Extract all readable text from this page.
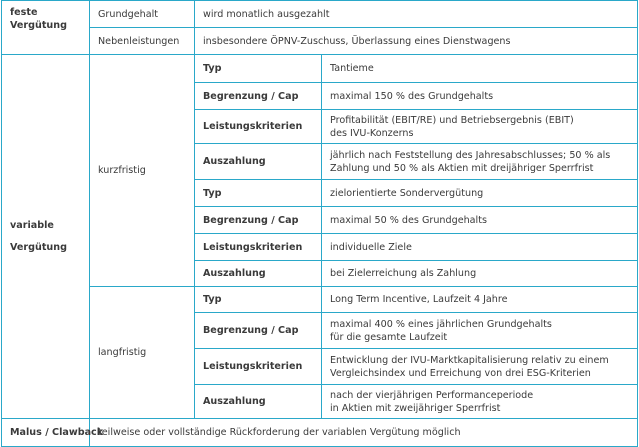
feste
Vergütung	Grundgehalt	wird monatlich ausgezahlt	
	Nebenleistungen	insbesondere ÖPNV-Zuschuss, Überlassung eines Dienstwagens	
variable
Vergütung	kurzfristig	Typ	Tantieme
		Begrenzung / Cap	maximal 150 % des Grundgehalts
		Leistungskriterien	Profitabilität (EBIT/RE) und Betriebsergebnis (EBIT)
des IVU-Konzerns
		Auszahlung	jährlich nach Feststellung des Jahresabschlusses; 50 % als
Zahlung und 50 % als Aktien mit dreijähriger Sperrfrist
		Typ	zielorientierte Sondervergütung
		Begrenzung / Cap	maximal 50 % des Grundgehalts
		Leistungskriterien	individuelle Ziele
		Auszahlung	bei Zielerreichung als Zahlung
	langfristig	Typ	Long Term Incentive, Laufzeit 4 Jahre
		Begrenzung / Cap	maximal 400 % eines jährlichen Grundgehalts
für die gesamte Laufzeit
		Leistungskriterien	Entwicklung der IVU-Marktkapitalisierung relativ zu einem
Vergleichsindex und Erreichung von drei ESG-Kriterien
		Auszahlung	nach der vierjährigen Performanceperiode
in Aktien mit zweijähriger Sperrfrist
Malus / Clawback	teilweise oder vollständige Rückforderung der variablen Vergütung möglich		
